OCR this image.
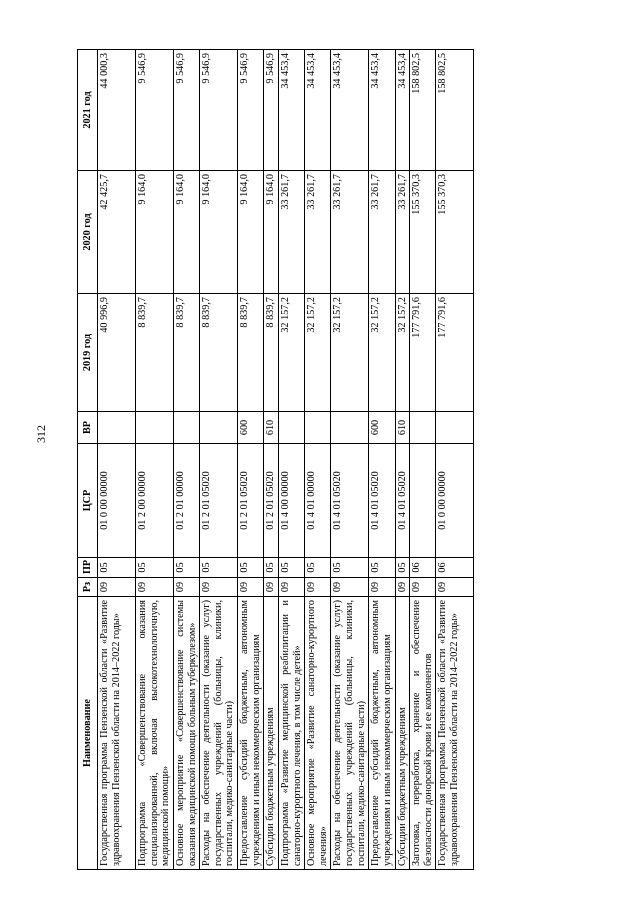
312
Наименование	Рз	ПР	ЦСР	ВР	2019 год	2020 год	2021 год
Государственная программа Пензенской области «Развитие здравоохранения Пензенской области на 2014–2022 годы»	09	05	01 0 00 00000		40 996,9	42 425,7	44 000,3
Подпрограмма «Совершенствование оказания специализированной, включая высокотехнологичную, медицинской помощи»	09	05	01 2 00 00000		8 839,7	9 164,0	9 546,9
Основное мероприятие «Совершенствование системы оказания медицинской помощи больным туберкулезом»	09	05	01 2 01 00000		8 839,7	9 164,0	9 546,9
Расходы на обеспечение деятельности (оказание услуг) государственных учреждений (больницы, клиники, госпитали, медико-санитарные части)	09	05	01 2 01 05020		8 839,7	9 164,0	9 546,9
Предоставление субсидий бюджетным, автономным учреждениям и иным некоммерческим организациям	09	05	01 2 01 05020	600	8 839,7	9 164,0	9 546,9
Субсидии бюджетным учреждениям	09	05	01 2 01 05020	610	8 839,7	9 164,0	9 546,9
Подпрограмма «Развитие медицинской реабилитации и санаторно-курортного лечения, в том числе детей»	09	05	01 4 00 00000		32 157,2	33 261,7	34 453,4
Основное мероприятие «Развитие санаторно-курортного лечения»	09	05	01 4 01 00000		32 157,2	33 261,7	34 453,4
Расходы на обеспечение деятельности (оказание услуг) государственных учреждений (больницы, клиники, госпитали, медико-санитарные части)	09	05	01 4 01 05020		32 157,2	33 261,7	34 453,4
Предоставление субсидий бюджетным, автономным учреждениям и иным некоммерческим организациям	09	05	01 4 01 05020	600	32 157,2	33 261,7	34 453,4
Субсидии бюджетным учреждениям	09	05	01 4 01 05020	610	32 157,2	33 261,7	34 453,4
Заготовка, переработка, хранение и обеспечение безопасности донорской крови и ее компонентов	09	06			177 791,6	155 370,3	158 802,5
Государственная программа Пензенской области «Развитие здравоохранения Пензенской области на 2014–2022 годы»	09	06	01 0 00 00000		177 791,6	155 370,3	158 802,5
